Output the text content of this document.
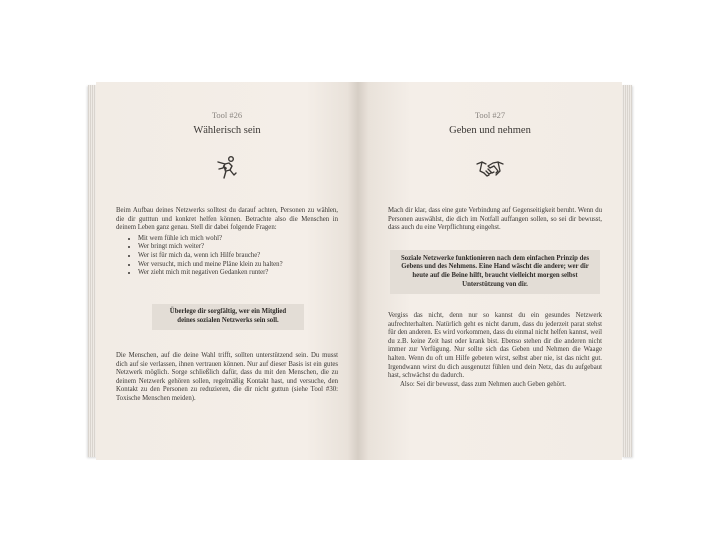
Tool #26
Wählerisch sein

Beim Aufbau deines Netzwerks solltest du darauf achten, Personen zu wählen, die dir gutttun und konkret helfen können. Betrachte also die Menschen in deinem Leben ganz genau. Stell dir dabei folgende Fragen:

• Mit wem fühle ich mich wohl?
• Wer bringt mich weiter?
• Wer ist für mich da, wenn ich Hilfe brauche?
• Wer versucht, mich und meine Pläne klein zu halten?
• Wer zieht mich mit negativen Gedanken runter?
Überlege dir sorgfältig, wer ein Mitglied deines sozialen Netzwerks sein soll.

Die Menschen, auf die deine Wahl trifft, sollten unterstützend sein. Du musst dich auf sie verlassen, ihnen vertrauen können. Nur auf dieser Basis ist ein gutes Netzwerk möglich. Sorge schließlich dafür, dass du mit den Menschen, die zu deinem Netzwerk gehören sollen, regelmäßig Kontakt hast, und versuche, den Kontakt zu den Personen zu reduzieren, die dir nicht guttun (siehe Tool #30: Toxische Menschen meiden).

Tool #27
Geben und nehmen

Mach dir klar, dass eine gute Verbindung auf Gegenseitigkeit beruht. Wenn du Personen auswählst, die dich im Notfall auffangen sollen, so sei dir bewusst, dass auch du eine Verpflichtung eingehst.

Soziale Netzwerke funktionieren nach dem einfachen Prinzip des Gebens und des Nehmens. Eine Hand wäscht die andere; wer dir heute auf die Beine hilft, braucht vielleicht morgen selbst Unterstützung von dir.

Vergiss das nicht, denn nur so kannst du ein gesundes Netzwerk aufrechterhalten. Natürlich geht es nicht darum, dass du jederzeit parat stehst für den anderen. Es wird vorkommen, dass du einmal nicht helfen kannst, weil du z.B. keine Zeit hast oder krank bist. Ebenso stehen dir die anderen nicht immer zur Verfügung. Nur sollte sich das Geben und Nehmen die Waage halten. Wenn du oft um Hilfe gebeten wirst, selbst aber nie, ist das nicht gut. Irgendwann wirst du dich ausgenutzt fühlen und dein Netz, das du aufgebaut hast, schwächst du dadurch.

Also: Sei dir bewusst, dass zum Nehmen auch Geben gehört.
